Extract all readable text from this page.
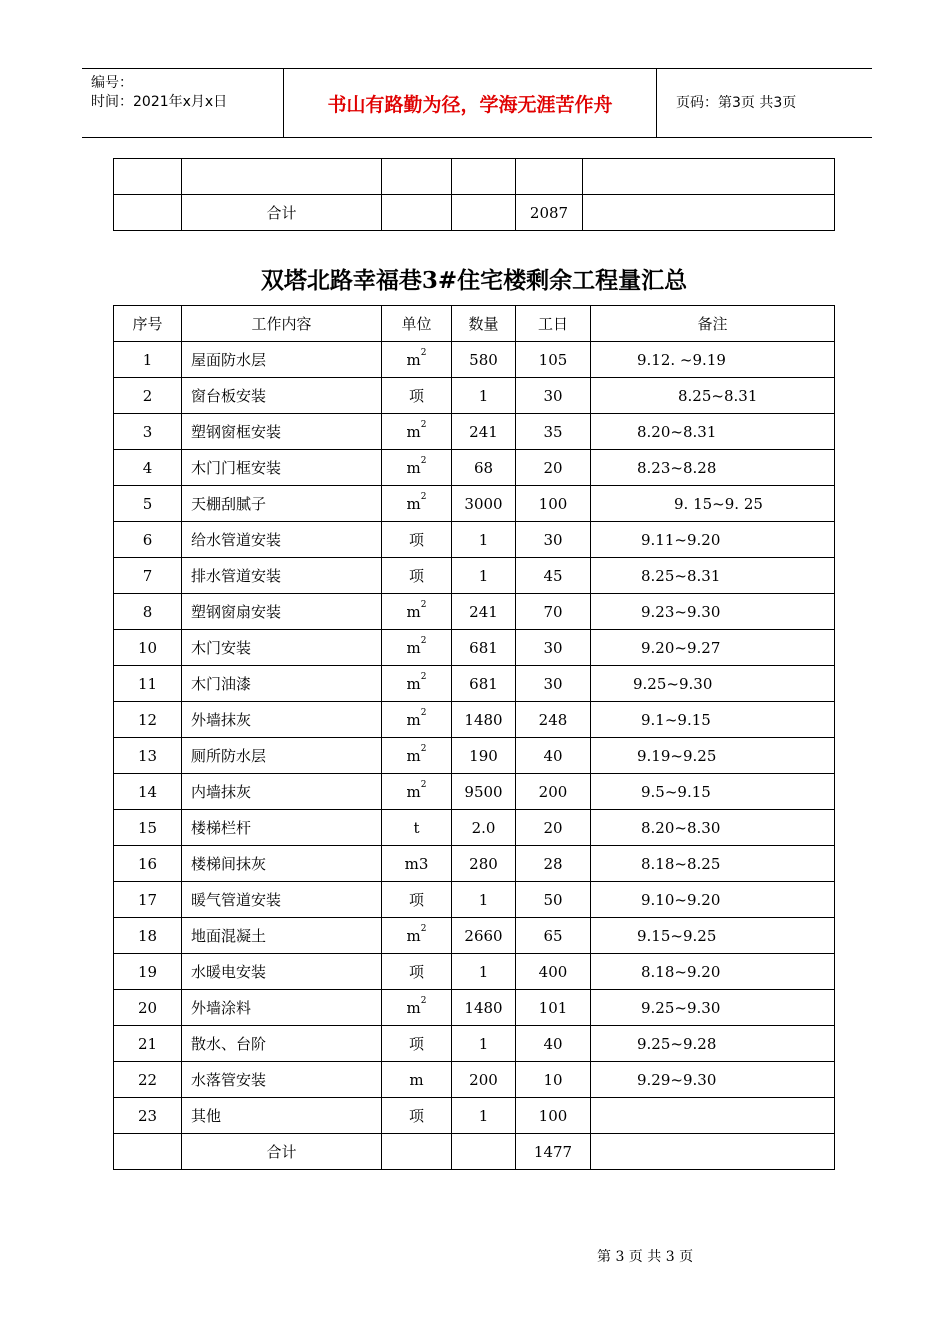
编号：
时间：2021年x月x日	书山有路勤为径，学海无涯苦作舟	页码：第3页 共3页

	合计			2087	
双塔北路幸福巷3#住宅楼剩余工程量汇总
序号	工作内容	单位	数量	工日	备注
1	屋面防水层	$m^2$	580	105	9.12. ~9.19
2	窗台板安装	项	1	30	8.25~8.31
3	塑钢窗框安装	$m^2$	241	35	8.20~8.31
4	木门门框安装	$m^2$	68	20	8.23~8.28
5	天棚刮腻子	$m^2$	3000	100	9. 15~9. 25
6	给水管道安装	项	1	30	9.11~9.20
7	排水管道安装	项	1	45	8.25~8.31
8	塑钢窗扇安装	$m^2$	241	70	9.23~9.30
10	木门安装	$m^2$	681	30	9.20~9.27
11	木门油漆	$m^2$	681	30	9.25~9.30
12	外墙抹灰	$m^2$	1480	248	9.1~9.15
13	厕所防水层	$m^2$	190	40	9.19~9.25
14	内墙抹灰	$m^2$	9500	200	9.5~9.15
15	楼梯栏杆	t	2.0	20	8.20~8.30
16	楼梯间抹灰	m3	280	28	8.18~8.25
17	暖气管道安装	项	1	50	9.10~9.20
18	地面混凝土	$m^2$	2660	65	9.15~9.25
19	水暖电安装	项	1	400	8.18~9.20
20	外墙涂料	$m^2$	1480	101	9.25~9.30
21	散水、台阶	项	1	40	9.25~9.28
22	水落管安装	m	200	10	9.29~9.30
23	其他	项	1	100	
	合计			1477	
第 3 页 共 3 页
